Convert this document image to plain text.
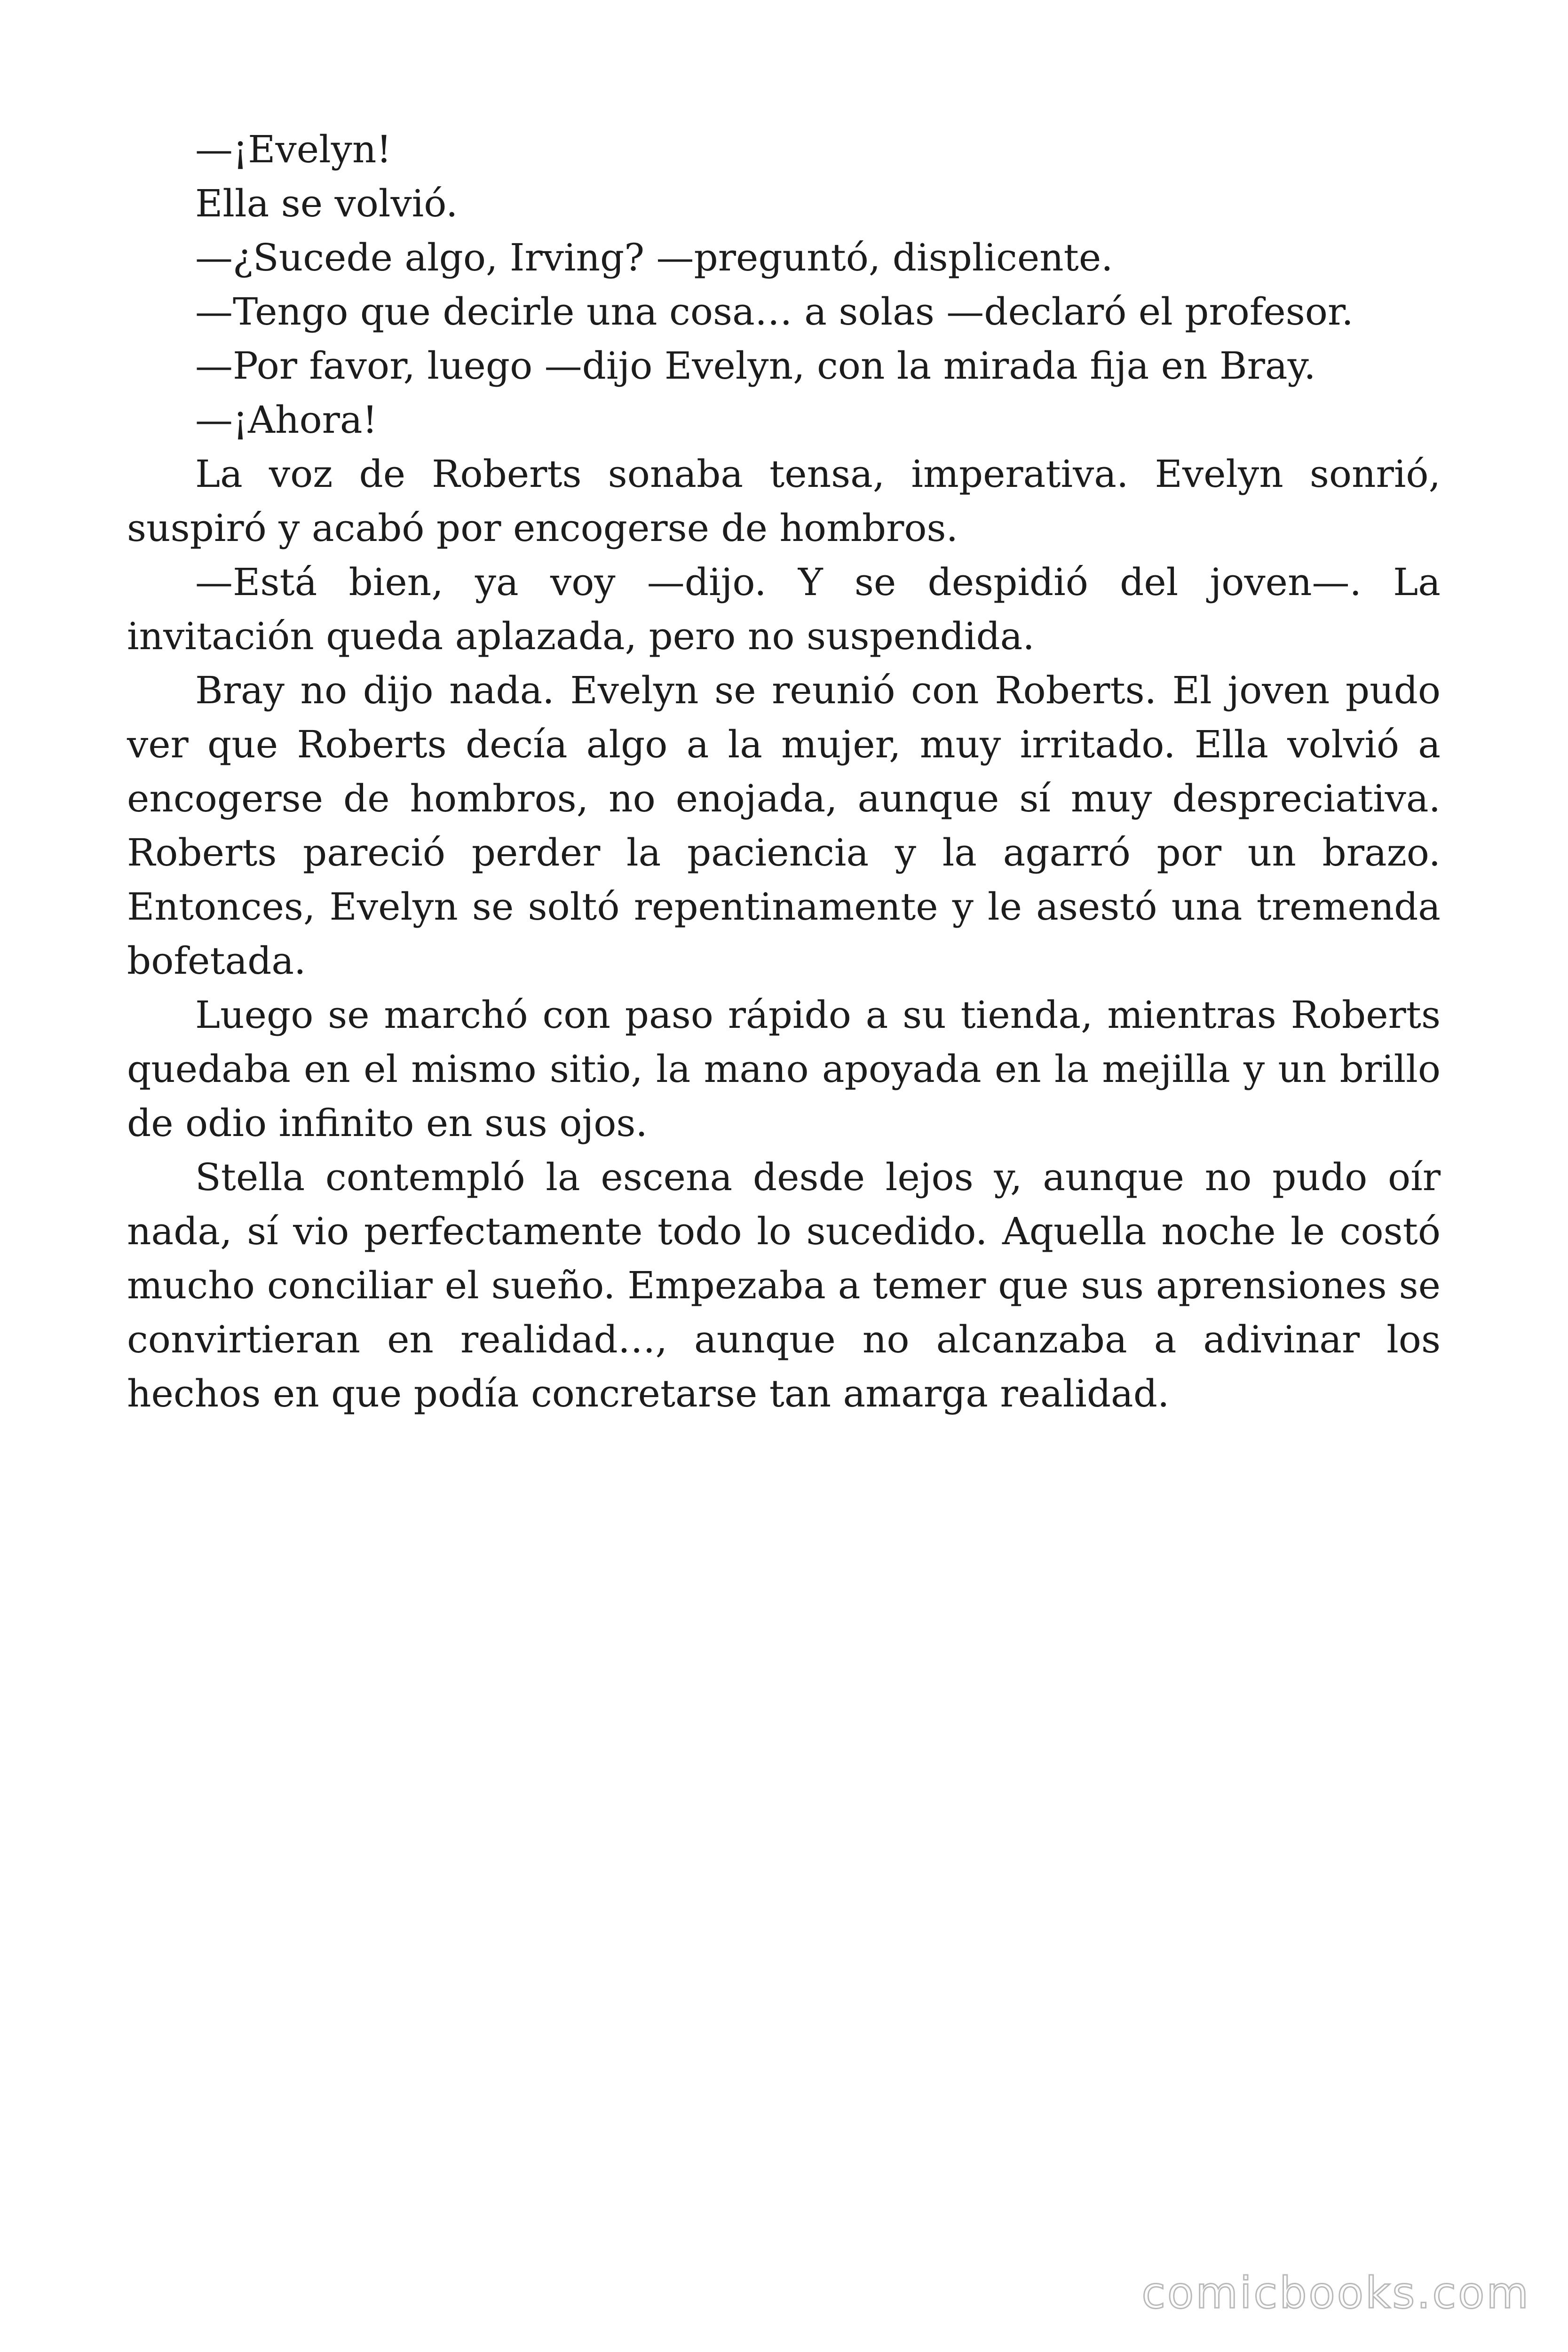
—¡Evelyn!

Ella se volvió.

—¿Sucede algo, Irving? —preguntó, displicente.

—Tengo que decirle una cosa… a solas —declaró el profesor.

—Por favor, luego —dijo Evelyn, con la mirada fija en Bray.

—¡Ahora!

La voz de Roberts sonaba tensa, imperativa. Evelyn sonrió, suspiró y acabó por encogerse de hombros.

—Está bien, ya voy —dijo. Y se despidió del joven—. La invitación queda aplazada, pero no suspendida.

Bray no dijo nada. Evelyn se reunió con Roberts. El joven pudo ver que Roberts decía algo a la mujer, muy irritado. Ella volvió a encogerse de hombros, no enojada, aunque sí muy despreciativa. Roberts pareció perder la paciencia y la agarró por un brazo. Entonces, Evelyn se soltó repentinamente y le asestó una tremenda bofetada.

Luego se marchó con paso rápido a su tienda, mientras Roberts quedaba en el mismo sitio, la mano apoyada en la mejilla y un brillo de odio infinito en sus ojos.

Stella contempló la escena desde lejos y, aunque no pudo oír nada, sí vio perfectamente todo lo sucedido. Aquella noche le costó mucho conciliar el sueño. Empezaba a temer que sus aprensiones se convirtieran en realidad…, aunque no alcanzaba a adivinar los hechos en que podía concretarse tan amarga realidad.

comicbooks.com
